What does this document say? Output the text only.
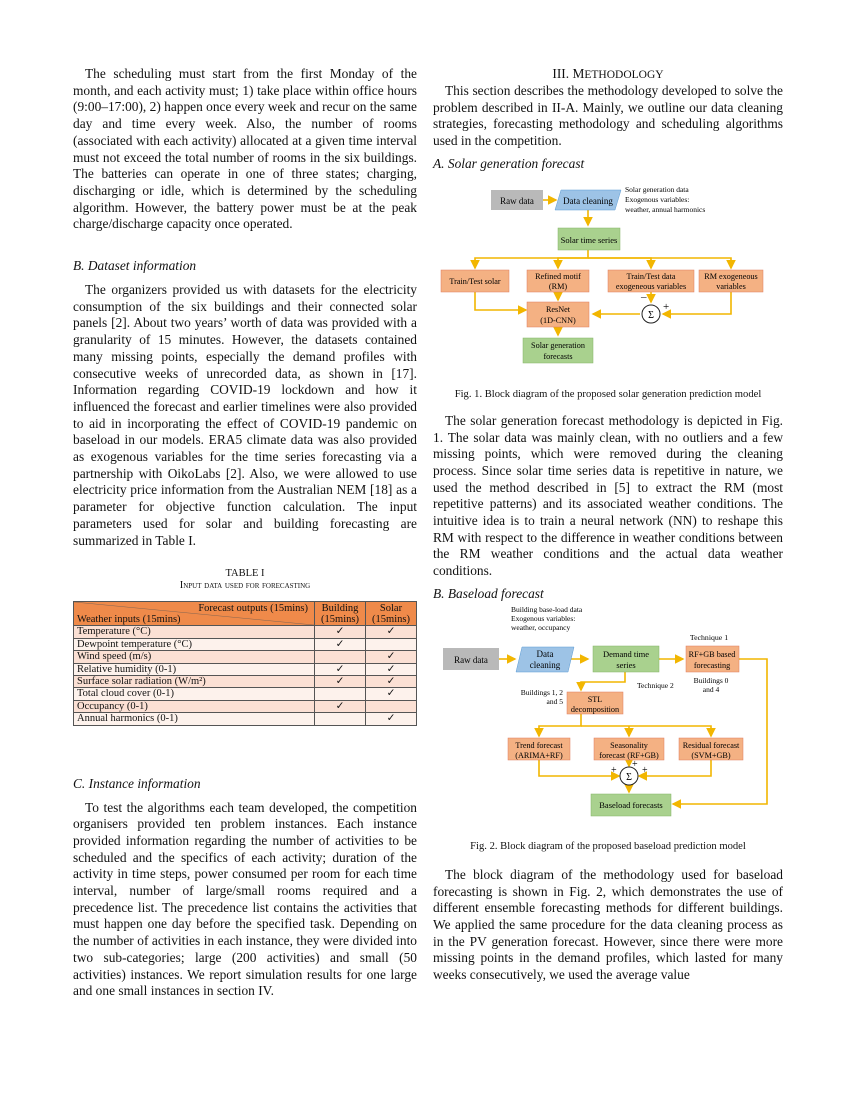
The scheduling must start from the first Monday of the month, and each activity must; 1) take place within office hours (9:00–17:00), 2) happen once every week and recur on the same day and time every week. Also, the number of rooms (associated with each activity) allocated at a given time interval must not exceed the total number of rooms in the six buildings. The batteries can operate in one of three states; charging, discharging or idle, which is determined by the scheduling algorithm. However, the battery power must be at the peak charge/discharge capacity once operated.

B. Dataset information

The organizers provided us with datasets for the electricity consumption of the six buildings and their connected solar panels [2]. About two years’ worth of data was provided with a granularity of 15 minutes. However, the datasets contained many missing points, especially the demand profiles with consecutive weeks of unrecorded data, as shown in [17]. Information regarding COVID-19 lockdown and how it influenced the forecast and earlier timelines were also provided to aid in incorporating the effect of COVID-19 pandemic on baseload in our models. ERA5 climate data was also provided as exogenous variables for the time series forecasting via a partnership with OikoLabs [2]. Also, we were allowed to use electricity price information from the Australian NEM [18] as a parameter for objective function calculation. The input parameters used for solar and building forecasting are summarized in Table I.

TABLE I

Input data used for forecasting

Forecast outputs (15mins)
Weather inputs (15mins)	Building (15mins)	Solar (15mins)
Temperature (°C)	✓	✓
Dewpoint temperature (°C)	✓	
Wind speed (m/s)		✓
Relative humidity (0-1)	✓	✓
Surface solar radiation (W/m²)	✓	✓
Total cloud cover (0-1)		✓
Occupancy (0-1)	✓	
Annual harmonics (0-1)		✓

C. Instance information

To test the algorithms each team developed, the competition organisers provided ten problem instances. Each instance provided information regarding the number of activities to be scheduled and the specifics of each activity; duration of the activity in time steps, power consumed per room for each time interval, number of large/small rooms required and a precedence list. The precedence list contains the activities that must happen one day before the specified task. Depending on the number of activities in each instance, they were divided into two sub-categories; large (200 activities) and small (50 activities) instances. We report simulation results for one large and one small instances in section IV.

III. METHODOLOGY

This section describes the methodology developed to solve the problem described in II-A. Mainly, we outline our data cleaning strategies, forecasting methodology and scheduling algorithms used in the competition.

A. Solar generation forecast

Raw data	Data cleaning
Solar generation data
Exogenous variables:
weather, annual harmonics
Solar time series
Train/Test solar
Refined motif
(RM)
Train/Test data
exogeneous variables
RM exogeneous
variables
ResNet
(1D-CNN)	Σ
–
+
Solar generation
forecasts

Fig. 1. Block diagram of the proposed solar generation prediction model

The solar generation forecast methodology is depicted in Fig. 1. The solar data was mainly clean, with no outliers and a few missing points, which were removed during the cleaning process. Since solar time series data is repetitive in nature, we used the method described in [5] to extract the RM (most repetitive patterns) and its associated weather conditions. The intuitive idea is to train a neural network (NN) to reshape this RM with respect to the difference in weather conditions between the RM weather conditions and the actual data weather conditions.

B. Baseload forecast

Building base-load data
Exogenous variables:
weather, occupancy
Raw data
Data
cleaning
Demand time
series
Technique 1
RF+GB based
forecasting
Buildings 0
and 4
Technique 2
Buildings 1, 2
and 5	STL
decomposition
Trend forecast
(ARIMA+RF)
Seasonality
forecast (RF+GB)
Residual forecast
(SVM+GB)
Σ
+
+	+
Baseload forecasts

Fig. 2. Block diagram of the proposed baseload prediction model

The block diagram of the methodology used for baseload forecasting is shown in Fig. 2, which demonstrates the use of different ensemble forecasting methods for different buildings. We applied the same procedure for the data cleaning process as in the PV generation forecast. However, since there were more missing points in the demand profiles, which lasted for many weeks consecutively, we used the average value
